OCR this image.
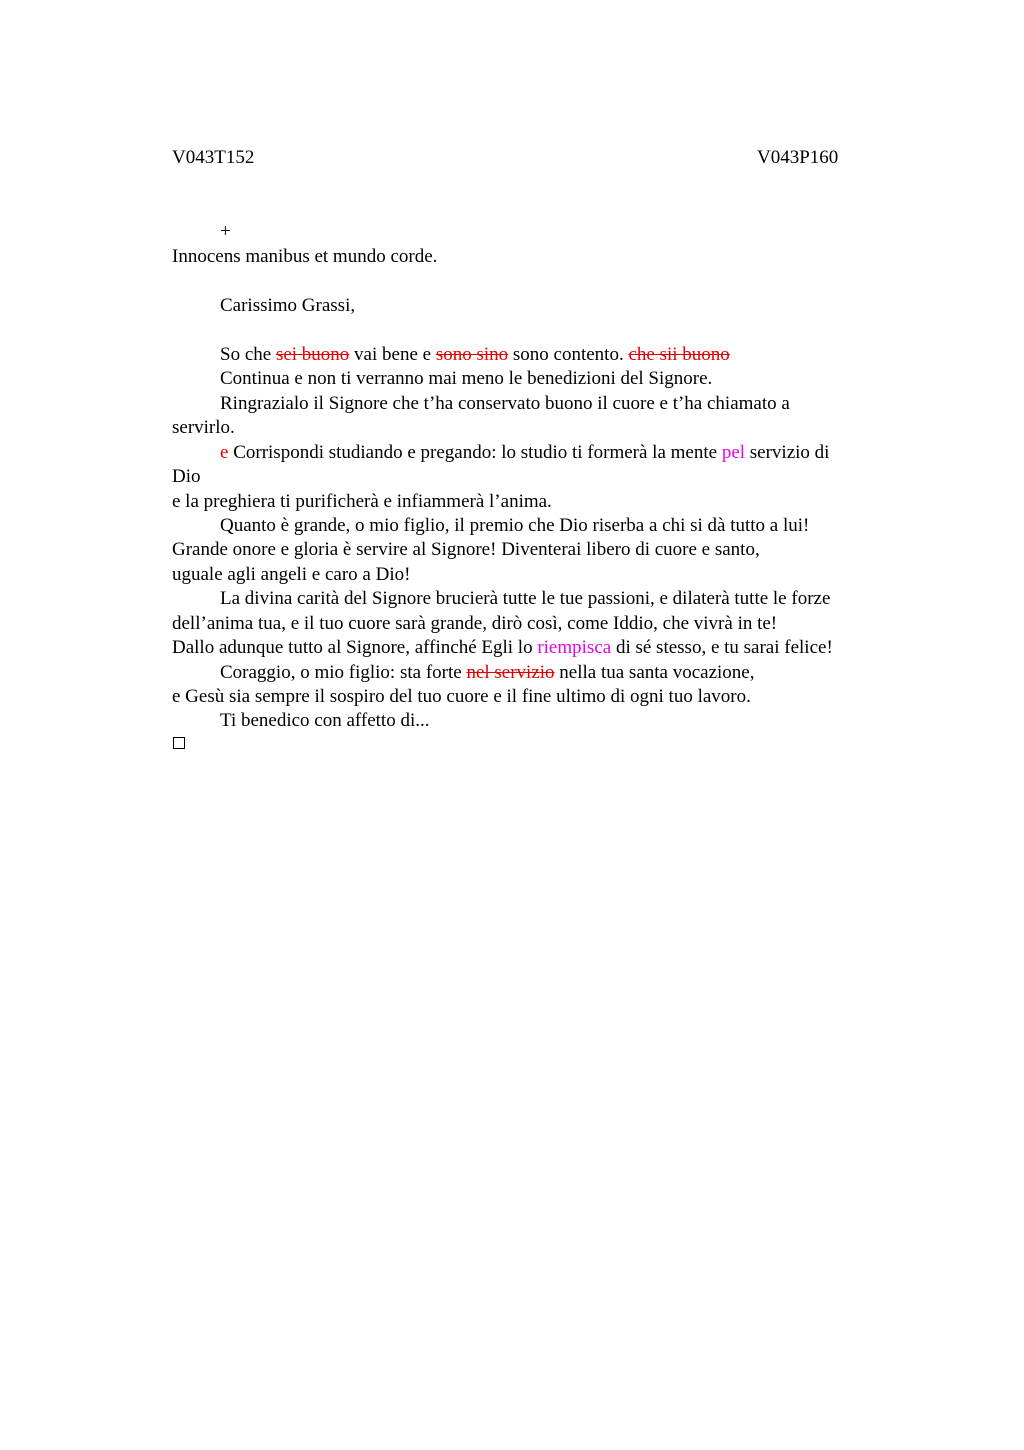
V043T152	V043P160
+
Innocens manibus et mundo corde.
Carissimo Grassi,
So che sei buono vai bene e sono sino sono contento. che sii buono
Continua e non ti verranno mai meno le benedizioni del Signore.
Ringrazialo il Signore che t’ha conservato buono il cuore e t’ha chiamato a
servirlo.
e Corrispondi studiando e pregando: lo studio ti formerà la mente pel servizio di
Dio
e la preghiera ti purificherà e infiammerà l’anima.
Quanto è grande, o mio figlio, il premio che Dio riserba a chi si dà tutto a lui!
Grande onore e gloria è servire al Signore! Diventerai libero di cuore e santo,
uguale agli angeli e caro a Dio!
La divina carità del Signore brucierà tutte le tue passioni, e dilaterà tutte le forze
dell’anima tua, e il tuo cuore sarà grande, dirò così, come Iddio, che vivrà in te!
Dallo adunque tutto al Signore, affinché Egli lo riempisca di sé stesso, e tu sarai felice!
Coraggio, o mio figlio: sta forte nel servizio nella tua santa vocazione,
e Gesù sia sempre il sospiro del tuo cuore e il fine ultimo di ogni tuo lavoro.
Ti benedico con affetto di...
